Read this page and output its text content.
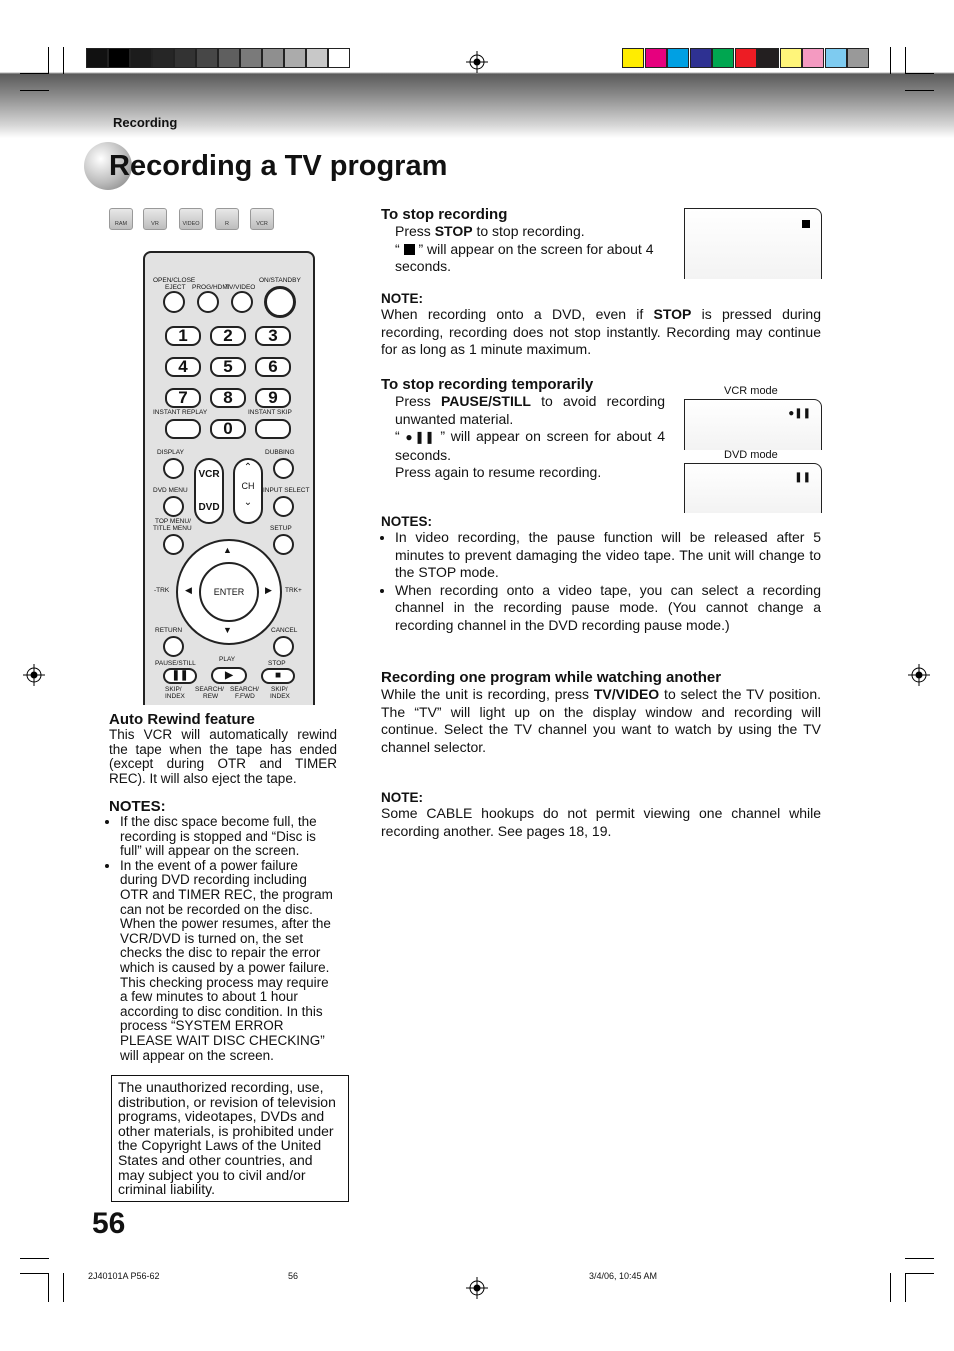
Recording
Recording a TV program
RAM	VR	VIDEO	R	VCR
OPEN/CLOSE
EJECT PROG/HDMI
TV/VIDEO
ON/STANDBY
1	2	3
4	5	6
7	8	9
INSTANT REPLAY	INSTANT SKIP
0
DISPLAY	DUBBING
VCR
DVD
⌃
CH
⌄
DVD MENU	INPUT SELECT
TOP MENU/
TITLE MENU	SETUP
ENTER
▲
▼
◀	▶
-TRK	TRK+
RETURN	CANCEL
PAUSE/STILL
PLAY
STOP
❚❚	▶	■
SKIP/
INDEX
SEARCH/
REW
SEARCH/
F.FWD
SKIP/
INDEX
Auto Rewind feature
This VCR will automatically rewind the tape when the tape has ended (except during OTR and TIMER REC). It will also eject the tape.
NOTES:
• If the disc space become full, the recording is stopped and “Disc is full” will appear on the screen.
• In the event of a power failure during DVD recording including OTR and TIMER REC, the program can not be recorded on the disc. When the power resumes, after the VCR/DVD is turned on, the set checks the disc to repair the error which is caused by a power failure. This checking process may require a few minutes to about 1 hour according to disc condition. In this process “SYSTEM ERROR PLEASE WAIT DISC CHECKING” will appear on the screen.
The unauthorized recording, use, distribution, or revision of television programs, videotapes, DVDs and other materials, is prohibited under the Copyright Laws of the United States and other countries, and may subject you to civil and/or criminal liability.
56
To stop recording
Press STOP to stop recording.
“  ” will appear on the screen for about 4 seconds.
NOTE:
When recording onto a DVD, even if STOP is pressed during recording, recording does not stop instantly. Recording may continue for as long as 1 minute maximum.
To stop recording temporarily
Press PAUSE/STILL to avoid recording unwanted material.
“ ●❚❚ ” will appear on screen for about 4 seconds.
Press again to resume recording.
VCR mode
●❚❚
DVD mode
❚❚
NOTES:
• In video recording, the pause function will be released after 5 minutes to prevent damaging the video tape. The unit will change to the STOP mode.
• When recording onto a video tape, you can select a recording channel in the recording pause mode. (You cannot change a recording channel in the DVD recording pause mode.)
Recording one program while watching another
While the unit is recording, press TV/VIDEO to select the TV position. The “TV” will light up on the display window and recording will continue. Select the TV channel you want to watch by using the TV channel selector.
NOTE:
Some CABLE hookups do not permit viewing one channel while recording another. See pages 18, 19.
2J40101A P56-62	56	3/4/06, 10:45 AM
